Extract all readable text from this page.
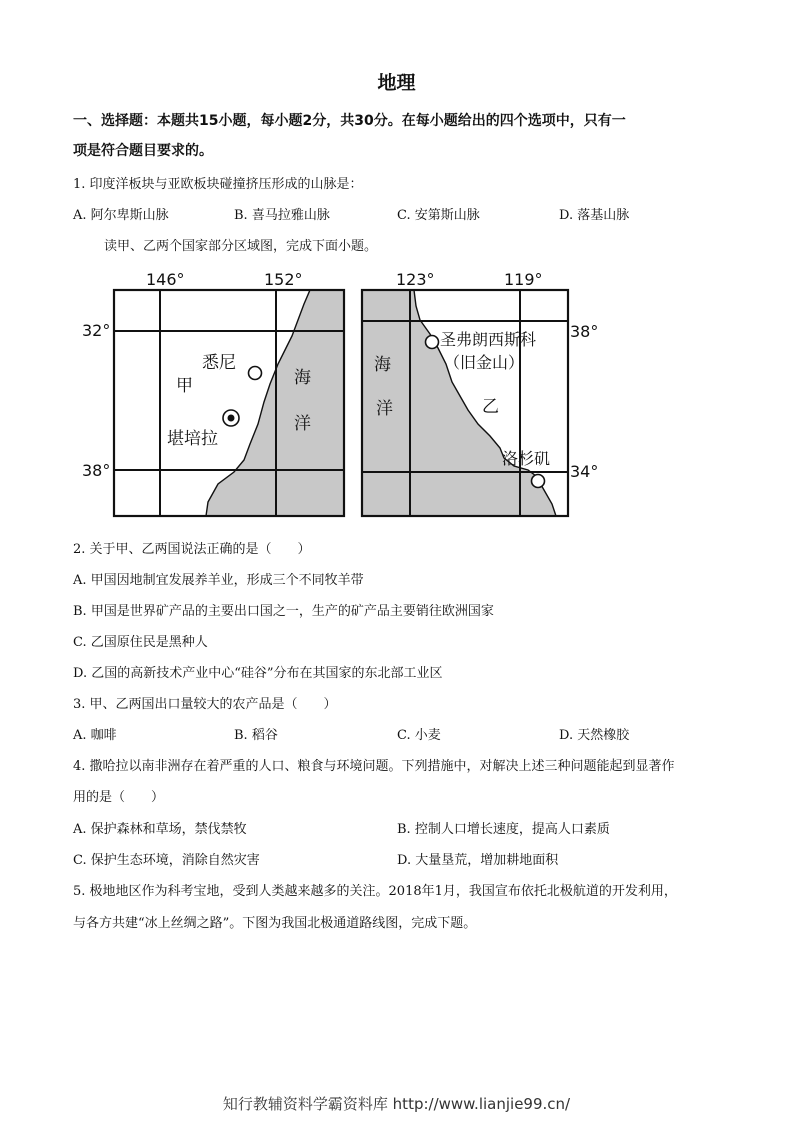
地理
一、选择题：本题共15小题，每小题2分，共30分。在每小题给出的四个选项中，只有一
项是符合题目要求的。
1. 印度洋板块与亚欧板块碰撞挤压形成的山脉是：
A. 阿尔卑斯山脉	B. 喜马拉雅山脉	C. 安第斯山脉	D. 落基山脉
读甲、乙两个国家部分区域图，完成下面小题。
146°	152°
32°
38°
悉尼
甲
堪培拉
海
洋
123°	119°
38°
34°
圣弗朗西斯科
（旧金山）
乙
洛杉矶
海
洋
2. 关于甲、乙两国说法正确的是（　　）
A. 甲国因地制宜发展养羊业，形成三个不同牧羊带
B. 甲国是世界矿产品的主要出口国之一，生产的矿产品主要销往欧洲国家
C. 乙国原住民是黑种人
D. 乙国的高新技术产业中心“硅谷”分布在其国家的东北部工业区
3. 甲、乙两国出口量较大的农产品是（　　）
A. 咖啡	B. 稻谷	C. 小麦	D. 天然橡胶
4. 撒哈拉以南非洲存在着严重的人口、粮食与环境问题。下列措施中，对解决上述三种问题能起到显著作
用的是（　　）
A. 保护森林和草场，禁伐禁牧	B. 控制人口增长速度，提高人口素质
C. 保护生态环境，消除自然灾害	D. 大量垦荒，增加耕地面积
5. 极地地区作为科考宝地，受到人类越来越多的关注。2018年1月，我国宣布依托北极航道的开发利用，
与各方共建“冰上丝绸之路”。下图为我国北极通道路线图，完成下题。
知行教辅资料学霸资料库 http://www.lianjie99.cn/
